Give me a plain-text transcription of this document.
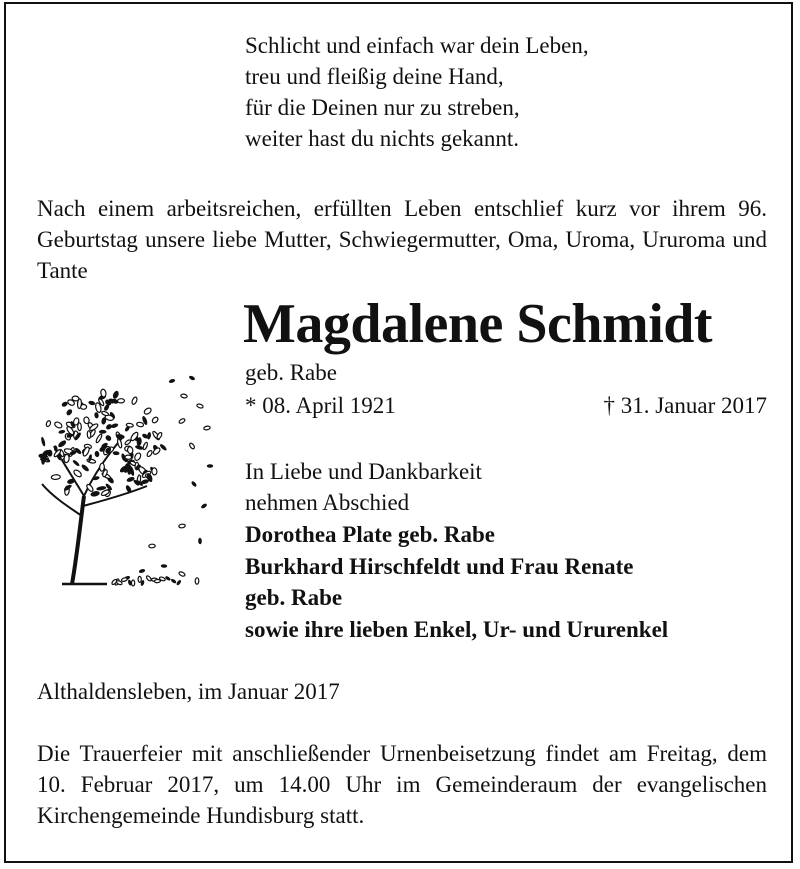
Schlicht und einfach war dein Leben,
treu und fleißig deine Hand,
für die Deinen nur zu streben,
weiter hast du nichts gekannt.
Nach einem arbeitsreichen, erfüllten Leben entschlief kurz vor ihrem 96. Geburtstag unsere liebe Mutter, Schwiegermutter, Oma, Uroma, Ururoma und Tante
Magdalene Schmidt
geb. Rabe
* 08. April 1921	† 31. Januar 2017
In Liebe und Dankbarkeit
nehmen Abschied
Dorothea Plate geb. Rabe
Burkhard Hirschfeldt und Frau Renate
geb. Rabe
sowie ihre lieben Enkel, Ur- und Ururenkel
Althaldensleben, im Januar 2017
Die Trauerfeier mit anschließender Urnenbeisetzung findet am Freitag, dem 10. Februar 2017, um 14.00 Uhr im Gemeinderaum der evangelischen Kirchengemeinde Hundisburg statt.
